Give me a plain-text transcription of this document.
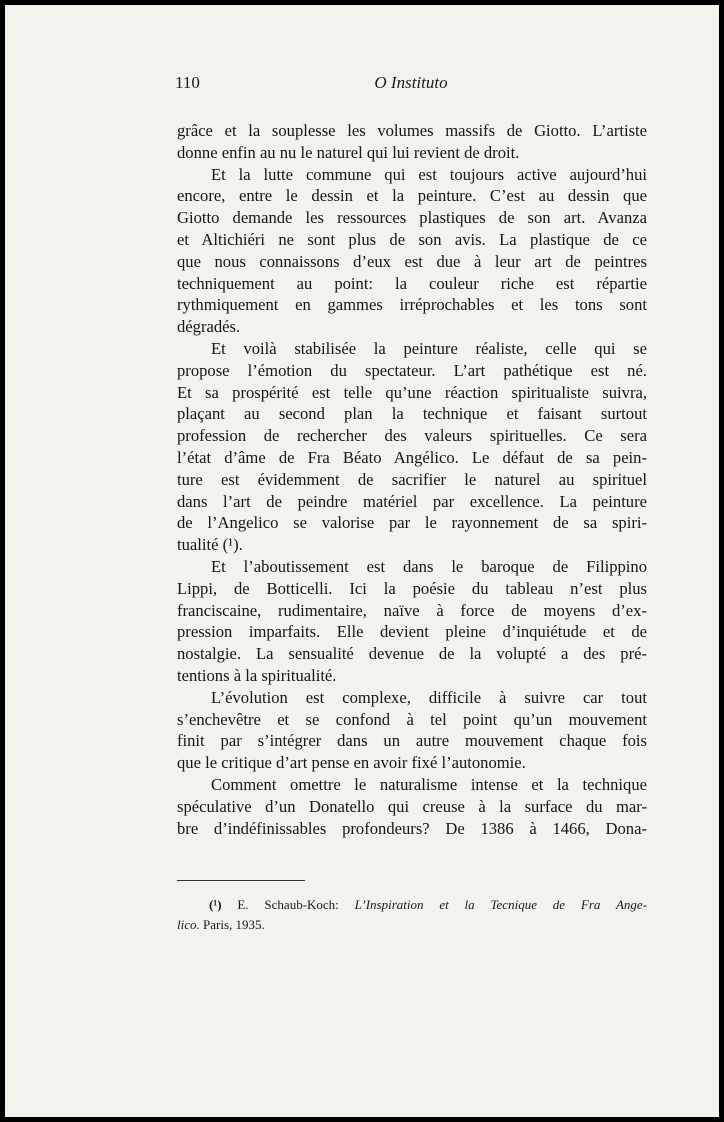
110	O Instituto
grâce et la souplesse les volumes massifs de Giotto. L’artiste
donne enfin au nu le naturel qui lui revient de droit.
Et la lutte commune qui est toujours active aujourd’hui
encore, entre le dessin et la peinture. C’est au dessin que
Giotto demande les ressources plastiques de son art. Avanza
et Altichiéri ne sont plus de son avis. La plastique de ce
que nous connaissons d’eux est due à leur art de peintres
techniquement au point: la couleur riche est répartie
rythmiquement en gammes irréprochables et les tons sont
dégradés.
Et voilà stabilisée la peinture réaliste, celle qui se
propose l’émotion du spectateur. L’art pathétique est né.
Et sa prospérité est telle qu’une réaction spiritualiste suivra,
plaçant au second plan la technique et faisant surtout
profession de rechercher des valeurs spirituelles. Ce sera
l’état d’âme de Fra Béato Angélico. Le défaut de sa pein-
ture est évidemment de sacrifier le naturel au spirituel
dans l’art de peindre matériel par excellence. La peinture
de l’Angelico se valorise par le rayonnement de sa spiri-
tualité (¹).
Et l’aboutissement est dans le baroque de Filippino
Lippi, de Botticelli. Ici la poésie du tableau n’est plus
franciscaine, rudimentaire, naïve à force de moyens d’ex-
pression imparfaits. Elle devient pleine d’inquiétude et de
nostalgie. La sensualité devenue de la volupté a des pré-
tentions à la spiritualité.
L’évolution est complexe, difficile à suivre car tout
s’enchevêtre et se confond à tel point qu’un mouvement
finit par s’intégrer dans un autre mouvement chaque fois
que le critique d’art pense en avoir fixé l’autonomie.
Comment omettre le naturalisme intense et la technique
spéculative d’un Donatello qui creuse à la surface du mar-
bre d’indéfinissables profondeurs? De 1386 à 1466, Dona-
(¹) E. Schaub-Koch: L’Inspiration et la Tecnique de Fra Ange-
lico. Paris, 1935.
